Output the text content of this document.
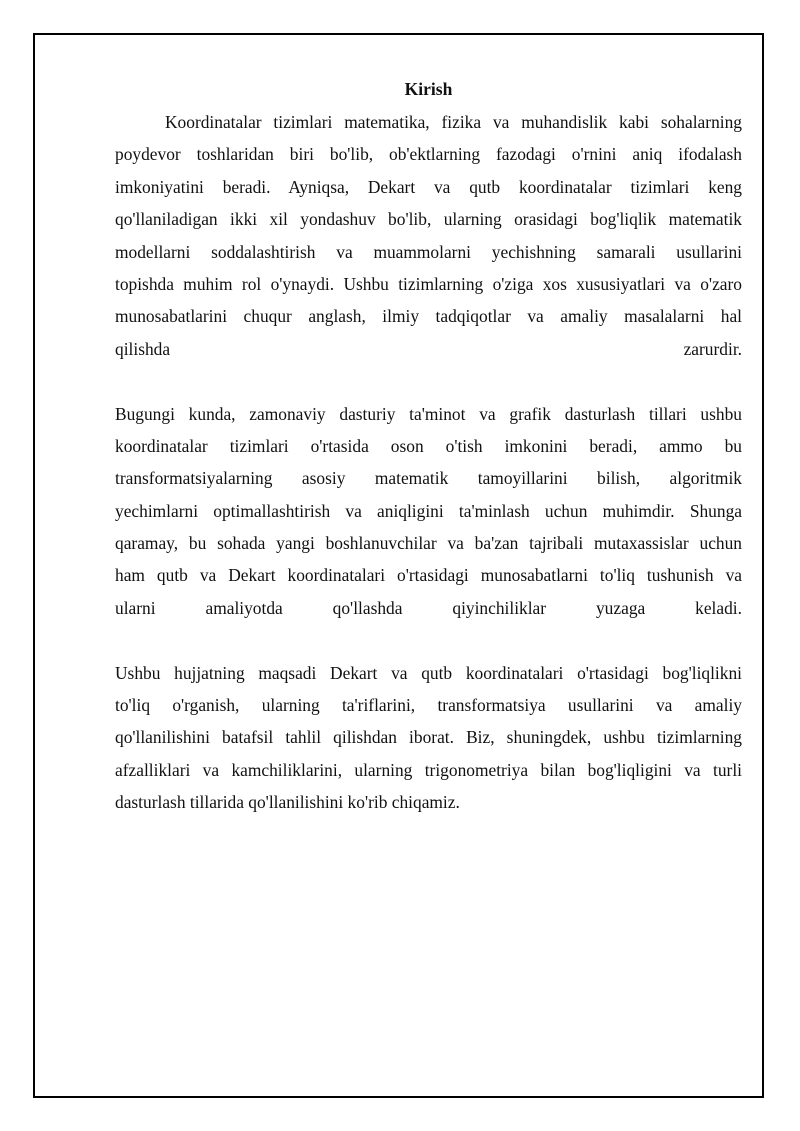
Kirish
Koordinatalar tizimlari matematika, fizika va muhandislik kabi sohalarning
poydevor toshlaridan biri bo'lib, ob'ektlarning fazodagi o'rnini aniq ifodalash
imkoniyatini beradi. Ayniqsa, Dekart va qutb koordinatalar tizimlari keng
qo'llaniladigan ikki xil yondashuv bo'lib, ularning orasidagi bog'liqlik matematik
modellarni soddalashtirish va muammolarni yechishning samarali usullarini
topishda muhim rol o'ynaydi. Ushbu tizimlarning o'ziga xos xususiyatlari va o'zaro
munosabatlarini chuqur anglash, ilmiy tadqiqotlar va amaliy masalalarni hal
qilishda zarurdir.
Bugungi kunda, zamonaviy dasturiy ta'minot va grafik dasturlash tillari ushbu
koordinatalar tizimlari o'rtasida oson o'tish imkonini beradi, ammo bu
transformatsiyalarning asosiy matematik tamoyillarini bilish, algoritmik
yechimlarni optimallashtirish va aniqligini ta'minlash uchun muhimdir. Shunga
qaramay, bu sohada yangi boshlanuvchilar va ba'zan tajribali mutaxassislar uchun
ham qutb va Dekart koordinatalari o'rtasidagi munosabatlarni to'liq tushunish va
ularni amaliyotda qo'llashda qiyinchiliklar yuzaga keladi.
Ushbu hujjatning maqsadi Dekart va qutb koordinatalari o'rtasidagi bog'liqlikni
to'liq o'rganish, ularning ta'riflarini, transformatsiya usullarini va amaliy
qo'llanilishini batafsil tahlil qilishdan iborat. Biz, shuningdek, ushbu tizimlarning
afzalliklari va kamchiliklarini, ularning trigonometriya bilan bog'liqligini va turli
dasturlash tillarida qo'llanilishini ko'rib chiqamiz.
